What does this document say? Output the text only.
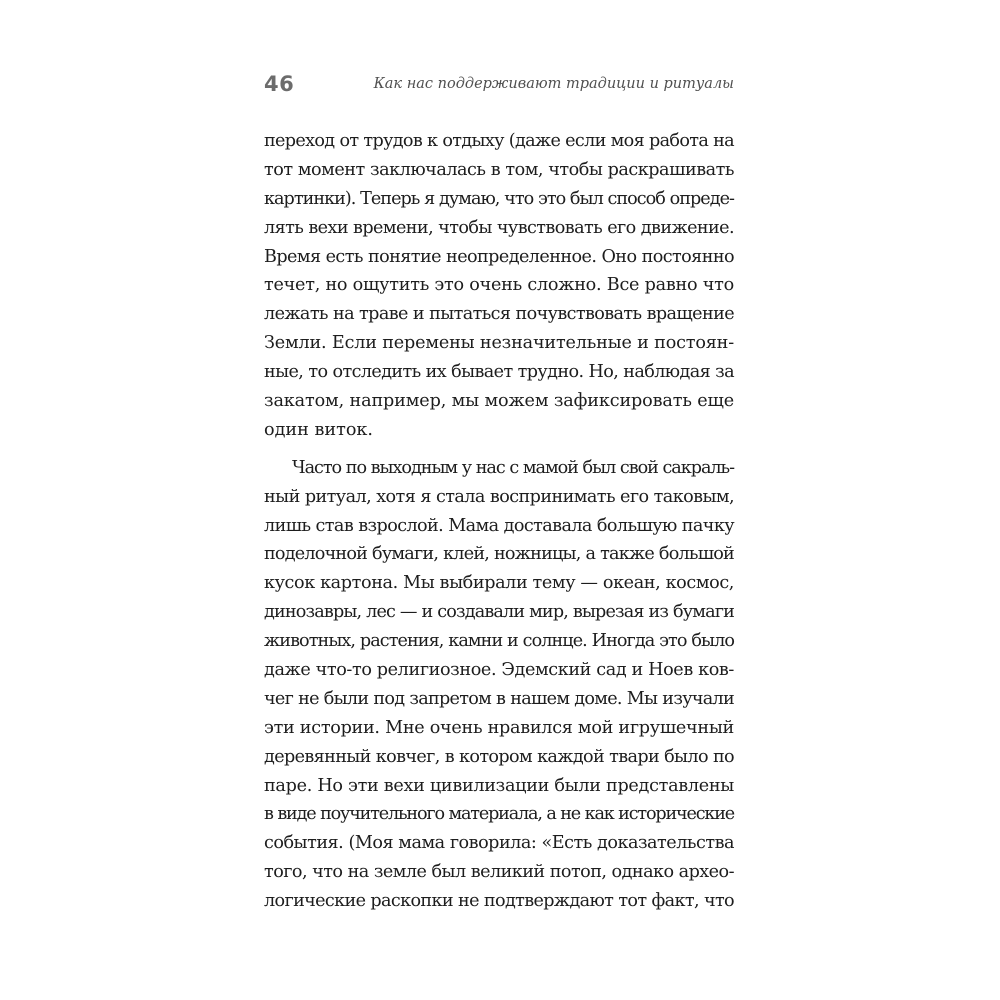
46	Как нас поддерживают традиции и ритуалы
переход от трудов к отдыху (даже если моя работа на
тот момент заключалась в том, чтобы раскрашивать
картинки). Теперь я думаю, что это был способ опреде-
лять вехи времени, чтобы чувствовать его движение.
Время есть понятие неопределенное. Оно постоянно
течет, но ощутить это очень сложно. Все равно что
лежать на траве и пытаться почувствовать вращение
Земли. Если перемены незначительные и постоян-
ные, то отследить их бывает трудно. Но, наблюдая за
закатом, например, мы можем зафиксировать еще
один виток.
Часто по выходным у нас с мамой был свой сакраль-
ный ритуал, хотя я стала воспринимать его таковым,
лишь став взрослой. Мама доставала большую пачку
поделочной бумаги, клей, ножницы, а также большой
кусок картона. Мы выбирали тему — океан, космос,
динозавры, лес — и создавали мир, вырезая из бумаги
животных, растения, камни и солнце. Иногда это было
даже что-то религиозное. Эдемский сад и Ноев ков-
чег не были под запретом в нашем доме. Мы изучали
эти истории. Мне очень нравился мой игрушечный
деревянный ковчег, в котором каждой твари было по
паре. Но эти вехи цивилизации были представлены
в виде поучительного материала, а не как исторические
события. (Моя мама говорила: «Есть доказательства
того, что на земле был великий потоп, однако архео-
логические раскопки не подтверждают тот факт, что
